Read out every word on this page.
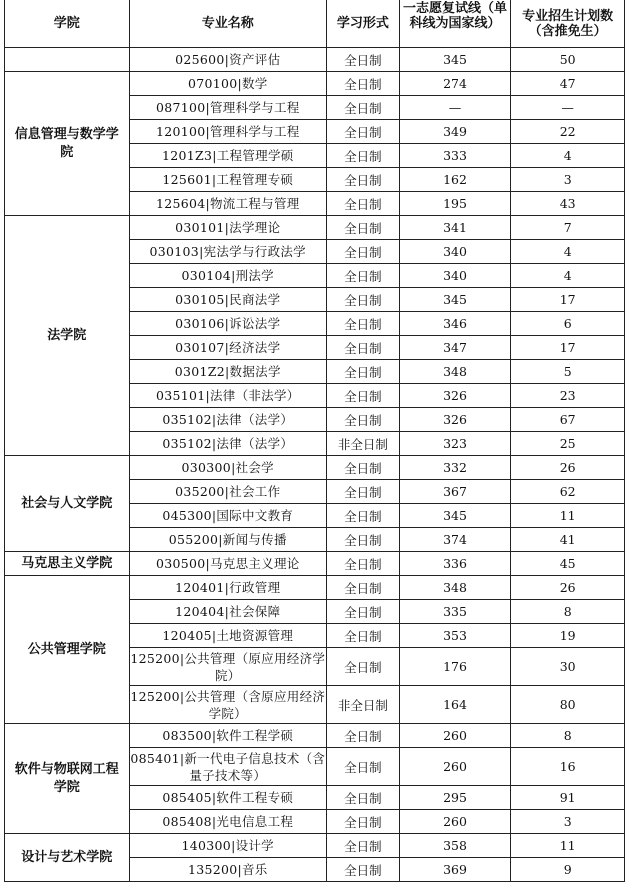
学院	专业名称	学习形式	一志愿复试线（单科线为国家线）	专业招生计划数（含推免生）
	025600|资产评估	全日制	345	50
信息管理与数学学院	070100|数学	全日制	274	47
	087100|管理科学与工程	全日制	—	—
	120100|管理科学与工程	全日制	349	22
	1201Z3|工程管理学硕	全日制	333	4
	125601|工程管理专硕	全日制	162	3
	125604|物流工程与管理	全日制	195	43
法学院	030101|法学理论	全日制	341	7
	030103|宪法学与行政法学	全日制	340	4
	030104|刑法学	全日制	340	4
	030105|民商法学	全日制	345	17
	030106|诉讼法学	全日制	346	6
	030107|经济法学	全日制	347	17
	0301Z2|数据法学	全日制	348	5
	035101|法律（非法学）	全日制	326	23
	035102|法律（法学）	全日制	326	67
	035102|法律（法学）	非全日制	323	25
社会与人文学院	030300|社会学	全日制	332	26
	035200|社会工作	全日制	367	62
	045300|国际中文教育	全日制	345	11
	055200|新闻与传播	全日制	374	41
马克思主义学院	030500|马克思主义理论	全日制	336	45
公共管理学院	120401|行政管理	全日制	348	26
	120404|社会保障	全日制	335	8
	120405|土地资源管理	全日制	353	19
	125200|公共管理（原应用经济学院）	全日制	176	30
	125200|公共管理（含原应用经济学院）	非全日制	164	80
软件与物联网工程学院	083500|软件工程学硕	全日制	260	8
	085401|新一代电子信息技术（含量子技术等）	全日制	260	16
	085405|软件工程专硕	全日制	295	91
	085408|光电信息工程	全日制	260	3
设计与艺术学院	140300|设计学	全日制	358	11
	135200|音乐	全日制	369	9
